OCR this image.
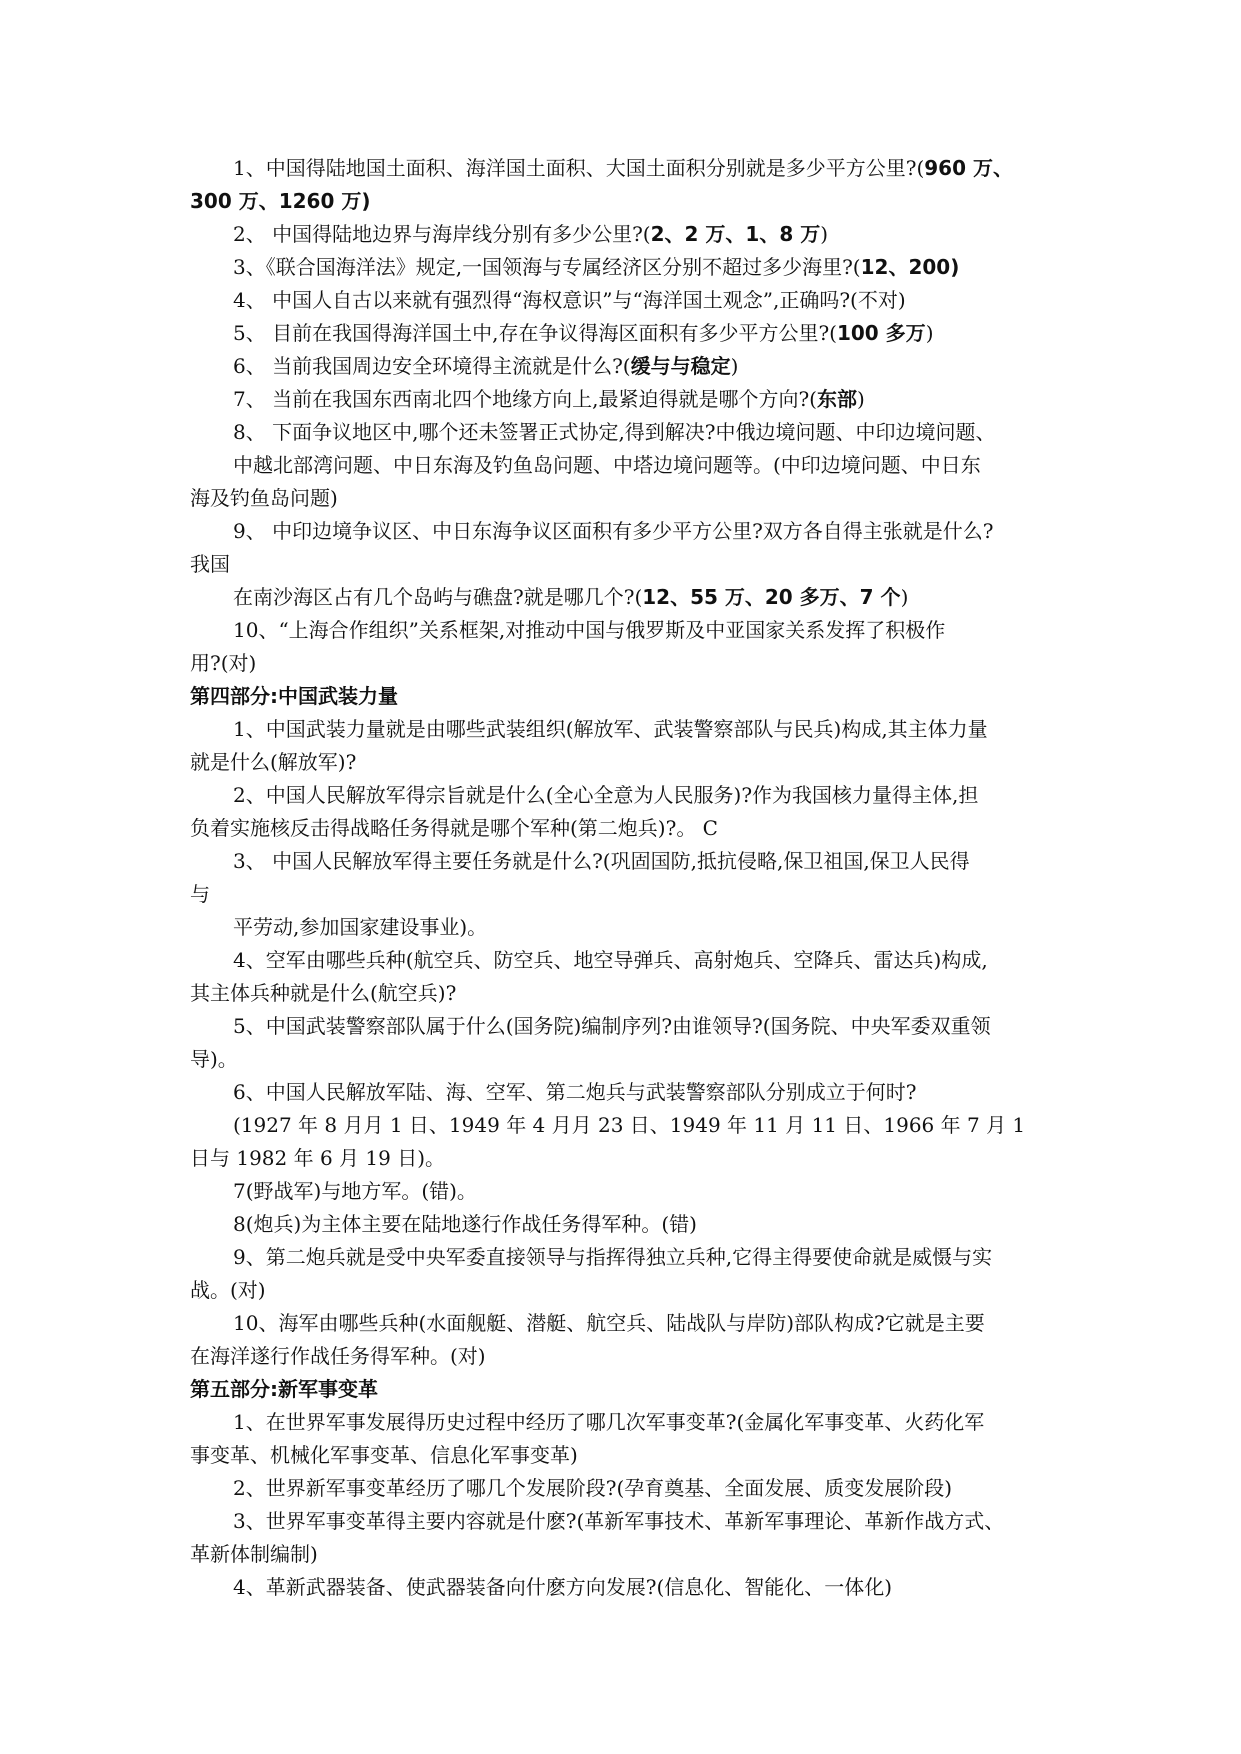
1、中国得陆地国土面积、海洋国土面积、大国土面积分别就是多少平方公里?(960 万、
300 万、1260 万)
2、 中国得陆地边界与海岸线分别有多少公里?(2、2 万、1、8 万)
3、《联合国海洋法》规定,一国领海与专属经济区分别不超过多少海里?(12、200)
4、 中国人自古以来就有强烈得“海权意识”与“海洋国土观念”,正确吗?(不对)
5、 目前在我国得海洋国土中,存在争议得海区面积有多少平方公里?(100 多万)
6、 当前我国周边安全环境得主流就是什么?(缓与与稳定)
7、 当前在我国东西南北四个地缘方向上,最紧迫得就是哪个方向?(东部)
8、 下面争议地区中,哪个还未签署正式协定,得到解决?中俄边境问题、中印边境问题、
中越北部湾问题、中日东海及钓鱼岛问题、中塔边境问题等。(中印边境问题、中日东
海及钓鱼岛问题)
9、 中印边境争议区、中日东海争议区面积有多少平方公里?双方各自得主张就是什么?
我国
在南沙海区占有几个岛屿与礁盘?就是哪几个?(12、55 万、20 多万、7 个)
10、“上海合作组织”关系框架,对推动中国与俄罗斯及中亚国家关系发挥了积极作
用?(对)
第四部分:中国武装力量
1、中国武装力量就是由哪些武装组织(解放军、武装警察部队与民兵)构成,其主体力量
就是什么(解放军)?
2、中国人民解放军得宗旨就是什么(全心全意为人民服务)?作为我国核力量得主体,担
负着实施核反击得战略任务得就是哪个军种(第二炮兵)?。 C
3、 中国人民解放军得主要任务就是什么?(巩固国防,抵抗侵略,保卫祖国,保卫人民得
与
平劳动,参加国家建设事业)。
4、空军由哪些兵种(航空兵、防空兵、地空导弹兵、高射炮兵、空降兵、雷达兵)构成,
其主体兵种就是什么(航空兵)?
5、中国武装警察部队属于什么(国务院)编制序列?由谁领导?(国务院、中央军委双重领
导)。
6、中国人民解放军陆、海、空军、第二炮兵与武装警察部队分别成立于何时?
(1927 年 8 月月 1 日、1949 年 4 月月 23 日、1949 年 11 月 11 日、1966 年 7 月 1
日与 1982 年 6 月 19 日)。
7(野战军)与地方军。(错)。
8(炮兵)为主体主要在陆地遂行作战任务得军种。(错)
9、第二炮兵就是受中央军委直接领导与指挥得独立兵种,它得主得要使命就是威慑与实
战。(对)
10、海军由哪些兵种(水面舰艇、潜艇、航空兵、陆战队与岸防)部队构成?它就是主要
在海洋遂行作战任务得军种。(对)
第五部分:新军事变革
1、在世界军事发展得历史过程中经历了哪几次军事变革?(金属化军事变革、火药化军
事变革、机械化军事变革、信息化军事变革)
2、世界新军事变革经历了哪几个发展阶段?(孕育奠基、全面发展、质变发展阶段)
3、世界军事变革得主要内容就是什麽?(革新军事技术、革新军事理论、革新作战方式、
革新体制编制)
4、革新武器装备、使武器装备向什麽方向发展?(信息化、智能化、一体化)
